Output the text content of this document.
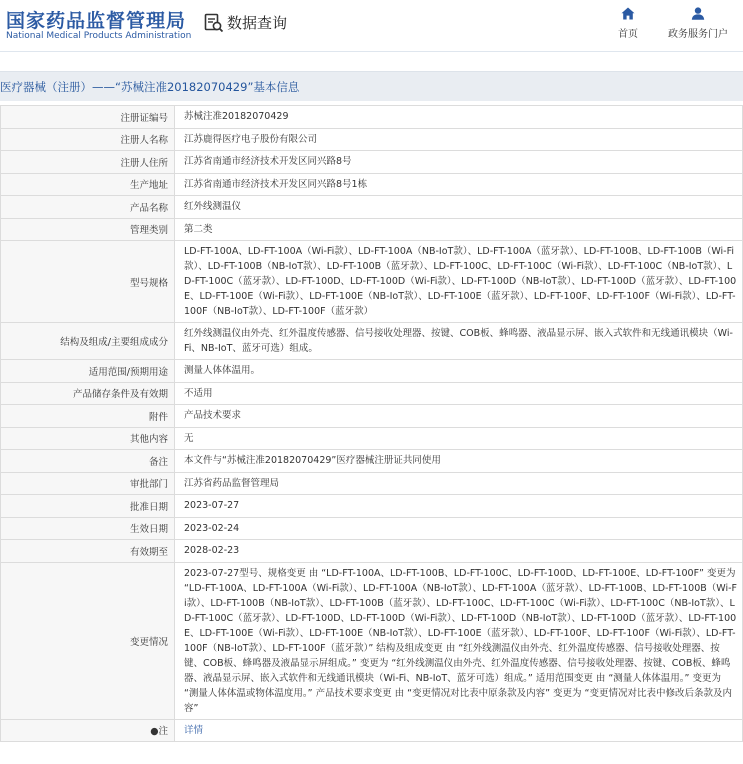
国家药品监督管理局
National Medical Products Administration
数据查询
首页	政务服务门户
医疗器械（注册）——“苏械注准20182070429”基本信息
注册证编号	苏械注准20182070429
注册人名称	江苏鹿得医疗电子股份有限公司
注册人住所	江苏省南通市经济技术开发区同兴路8号
生产地址	江苏省南通市经济技术开发区同兴路8号1栋
产品名称	红外线测温仪
管理类别	第二类
型号规格	LD-FT-100A、LD-FT-100A（Wi-Fi款）、LD-FT-100A（NB-IoT款）、LD-FT-100A（蓝牙款）、LD-FT-100B、LD-FT-100B（Wi-Fi款）、LD-FT-100B（NB-IoT款）、LD-FT-100B（蓝牙款）、LD-FT-100C、LD-FT-100C（Wi-Fi款）、LD-FT-100C（NB-IoT款）、LD-FT-100C（蓝牙款）、LD-FT-100D、LD-FT-100D（Wi-Fi款）、LD-FT-100D（NB-IoT款）、LD-FT-100D（蓝牙款）、LD-FT-100E、LD-FT-100E（Wi-Fi款）、LD-FT-100E（NB-IoT款）、LD-FT-100E（蓝牙款）、LD-FT-100F、LD-FT-100F（Wi-Fi款）、LD-FT-100F（NB-IoT款）、LD-FT-100F（蓝牙款）
结构及组成/主要组成成分	红外线测温仪由外壳、红外温度传感器、信号接收处理器、按键、COB板、蜂鸣器、液晶显示屏、嵌入式软件和无线通讯模块（Wi-Fi、NB-IoT、蓝牙可选）组成。
适用范围/预期用途	测量人体体温用。
产品储存条件及有效期	不适用
附件	产品技术要求
其他内容	无
备注	本文件与“苏械注准20182070429”医疗器械注册证共同使用
审批部门	江苏省药品监督管理局
批准日期	2023-07-27
生效日期	2023-02-24
有效期至	2028-02-23
变更情况	2023-07-27型号、规格变更 由 “LD-FT-100A、LD-FT-100B、LD-FT-100C、LD-FT-100D、LD-FT-100E、LD-FT-100F” 变更为 “LD-FT-100A、LD-FT-100A（Wi-Fi款）、LD-FT-100A（NB-IoT款）、LD-FT-100A（蓝牙款）、LD-FT-100B、LD-FT-100B（Wi-Fi款）、LD-FT-100B（NB-IoT款）、LD-FT-100B（蓝牙款）、LD-FT-100C、LD-FT-100C（Wi-Fi款）、LD-FT-100C（NB-IoT款）、LD-FT-100C（蓝牙款）、LD-FT-100D、LD-FT-100D（Wi-Fi款）、LD-FT-100D（NB-IoT款）、LD-FT-100D（蓝牙款）、LD-FT-100E、LD-FT-100E（Wi-Fi款）、LD-FT-100E（NB-IoT款）、LD-FT-100E（蓝牙款）、LD-FT-100F、LD-FT-100F（Wi-Fi款）、LD-FT-100F（NB-IoT款）、LD-FT-100F（蓝牙款）” 结构及组成变更 由 “红外线测温仪由外壳、红外温度传感器、信号接收处理器、按键、COB板、蜂鸣器及液晶显示屏组成。” 变更为 “红外线测温仪由外壳、红外温度传感器、信号接收处理器、按键、COB板、蜂鸣器、液晶显示屏、嵌入式软件和无线通讯模块（Wi-Fi、NB-IoT、蓝牙可选）组成。” 适用范围变更 由 “测量人体体温用。” 变更为 “测量人体体温或物体温度用。” 产品技术要求变更 由 “变更情况对比表中原条款及内容” 变更为 “变更情况对比表中修改后条款及内容”
●注	详情
